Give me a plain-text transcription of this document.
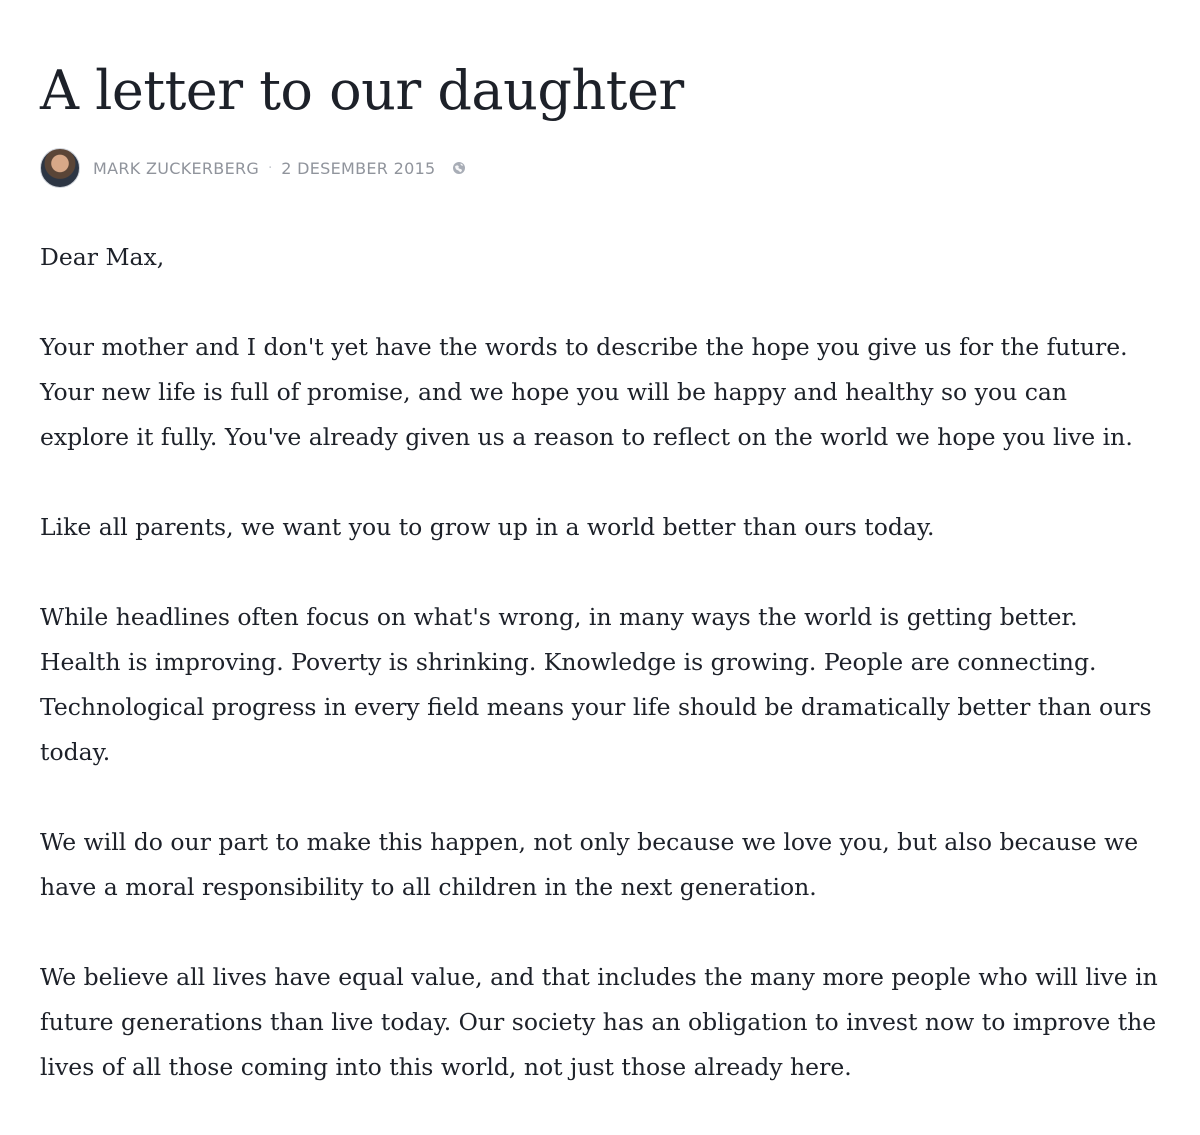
A letter to our daughter
MARK ZUCKERBERG · 2 DESEMBER 2015

Dear Max,

Your mother and I don't yet have the words to describe the hope you give us for the future.
Your new life is full of promise, and we hope you will be happy and healthy so you can
explore it fully. You've already given us a reason to reflect on the world we hope you live in.

Like all parents, we want you to grow up in a world better than ours today.

While headlines often focus on what's wrong, in many ways the world is getting better.
Health is improving. Poverty is shrinking. Knowledge is growing. People are connecting.
Technological progress in every field means your life should be dramatically better than ours
today.

We will do our part to make this happen, not only because we love you, but also because we
have a moral responsibility to all children in the next generation.

We believe all lives have equal value, and that includes the many more people who will live in
future generations than live today. Our society has an obligation to invest now to improve the
lives of all those coming into this world, not just those already here.
